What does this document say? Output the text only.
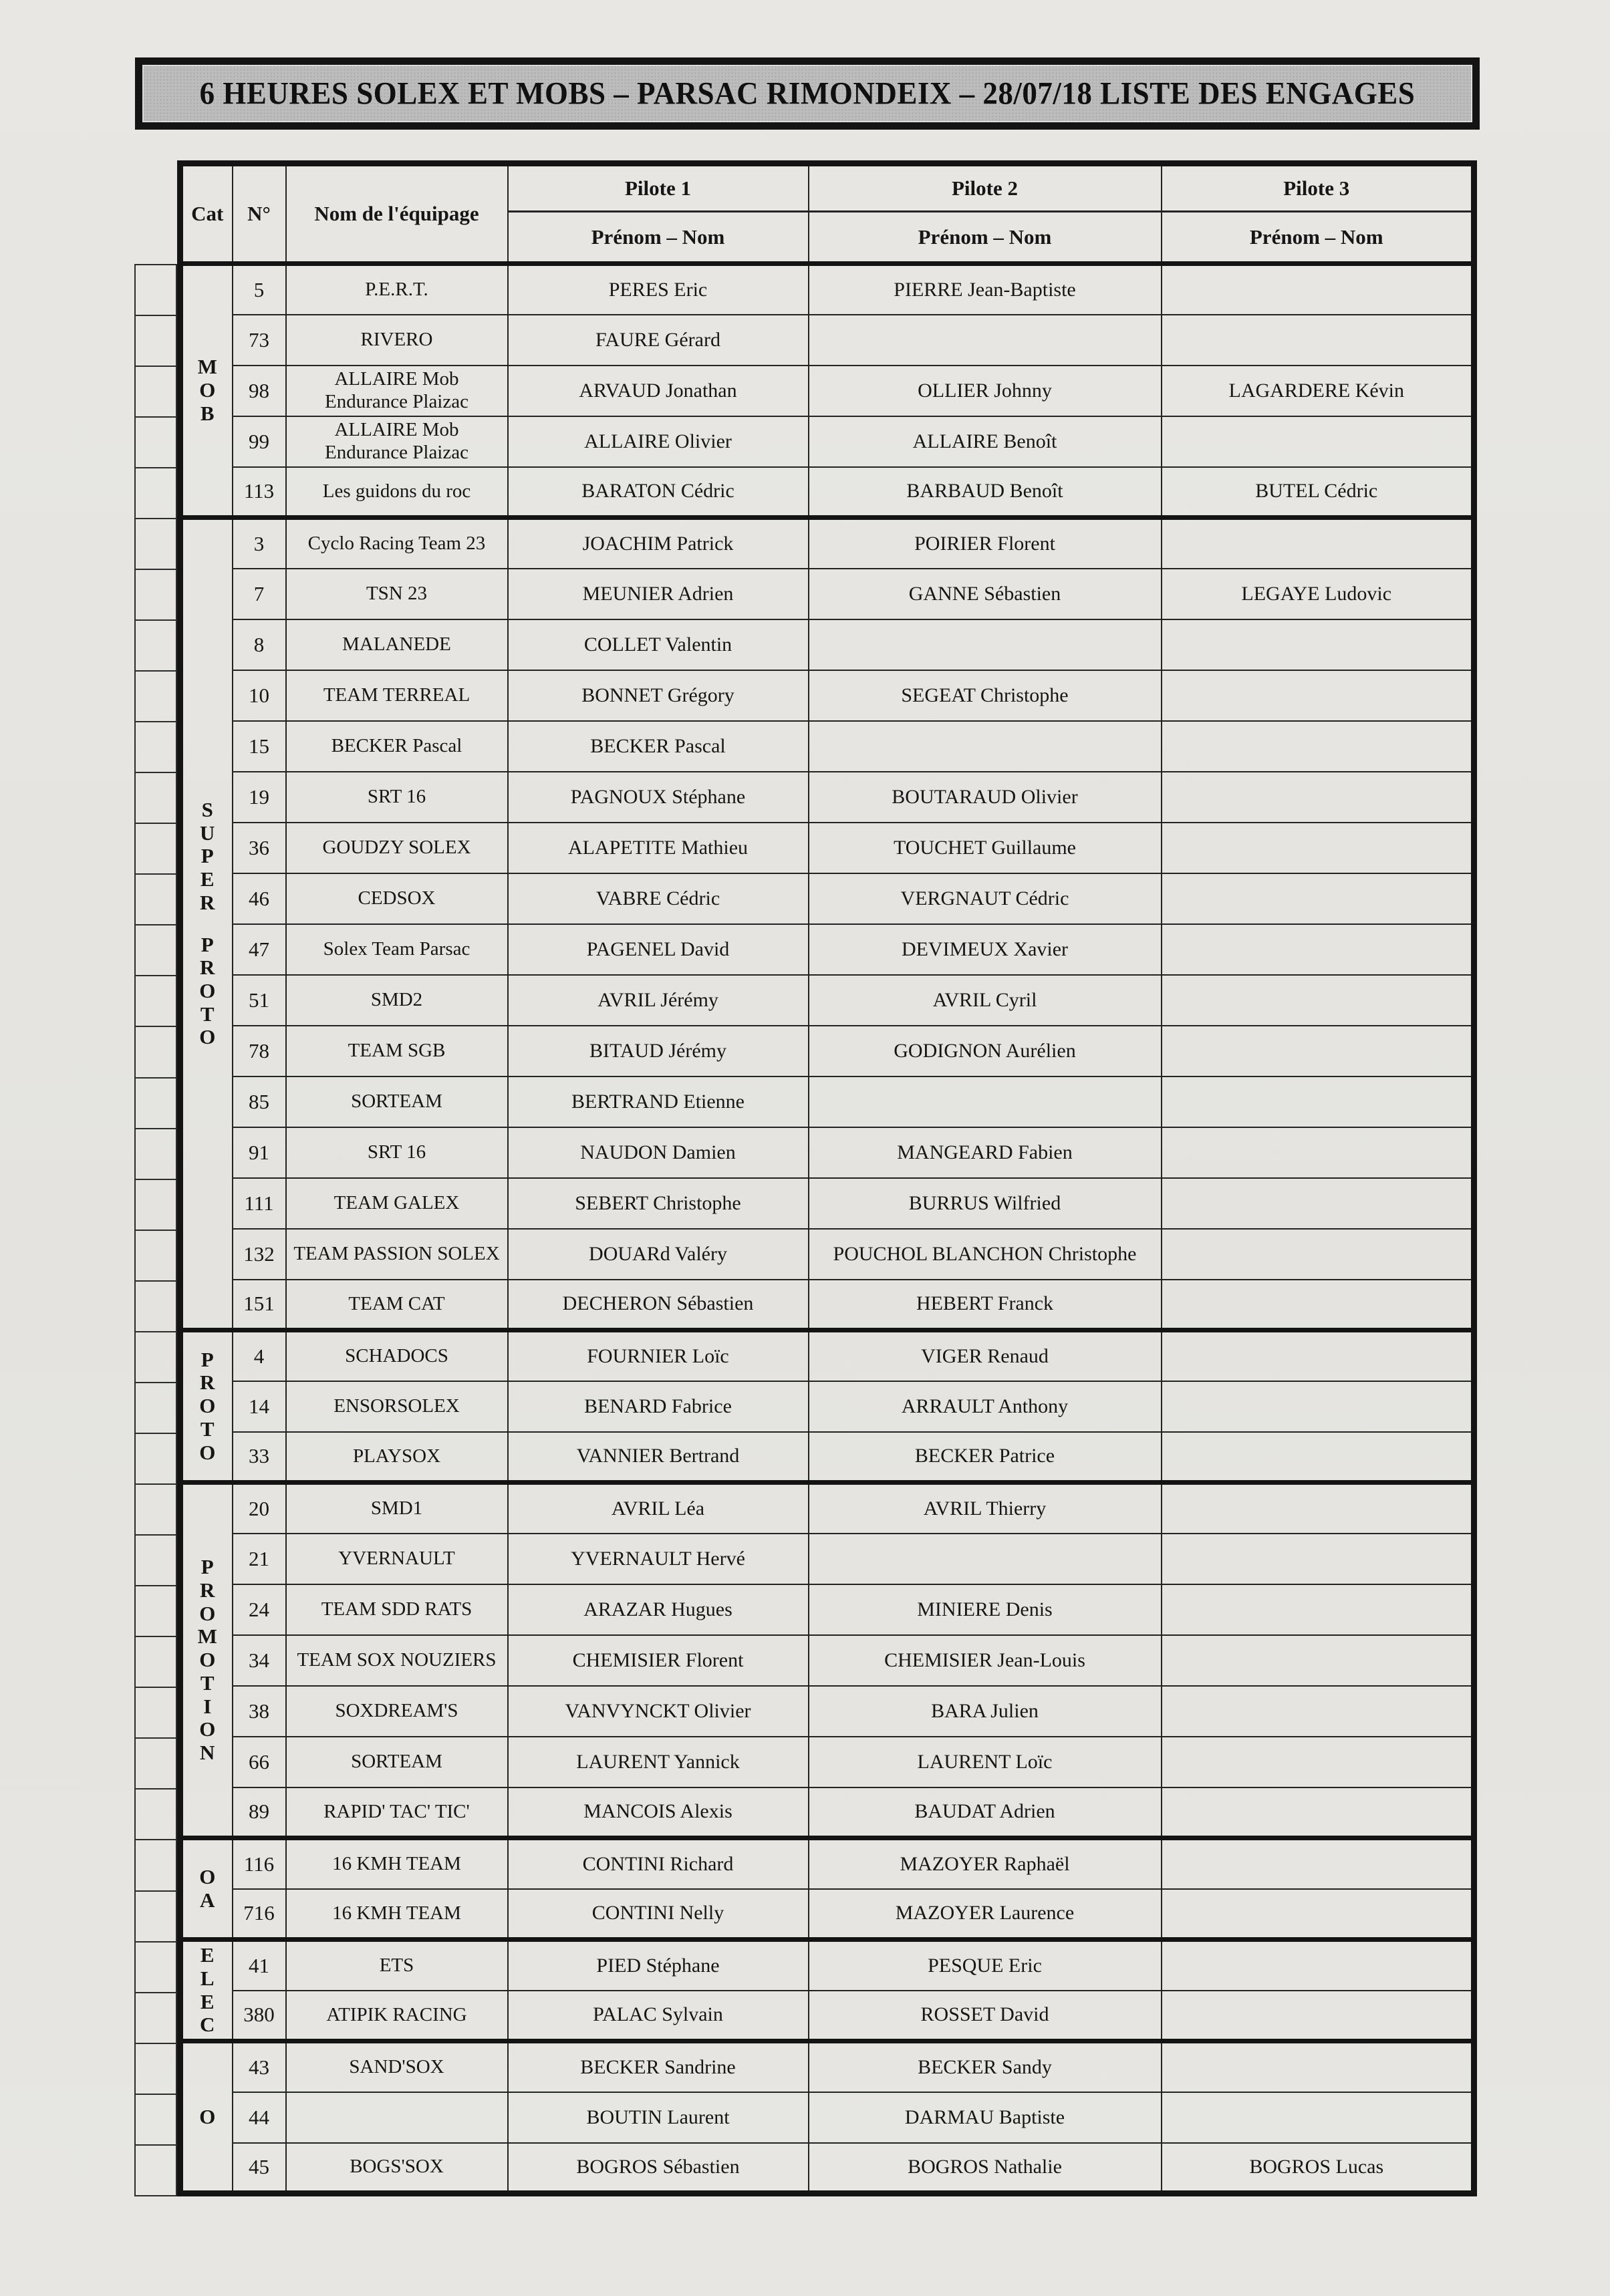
6 HEURES SOLEX ET MOBS – PARSAC RIMONDEIX – 28/07/18 LISTE DES ENGAGES
Cat	N°	Nom de l'équipage	Pilote 1	Pilote 2	Pilote 3
			Prénom – Nom	Prénom – Nom	Prénom – Nom

M
O
B	5	P.E.R.T.	PERES Eric	PIERRE Jean-Baptiste	
	73	RIVERO	FAURE Gérard		
	98	ALLAIRE Mob Endurance Plaizac	ARVAUD Jonathan	OLLIER Johnny	LAGARDERE Kévin
	99	ALLAIRE Mob Endurance Plaizac	ALLAIRE Olivier	ALLAIRE Benoît	
	113	Les guidons du roc	BARATON Cédric	BARBAUD Benoît	BUTEL Cédric

S
U
P
E
R
P
R
O
T
O
	3	Cyclo Racing Team 23	JOACHIM Patrick	POIRIER Florent	
	7	TSN 23	MEUNIER Adrien	GANNE Sébastien	LEGAYE Ludovic
	8	MALANEDE	COLLET Valentin		
	10	TEAM TERREAL	BONNET Grégory	SEGEAT Christophe	
	15	BECKER Pascal	BECKER Pascal		
	19	SRT 16	PAGNOUX Stéphane	BOUTARAUD Olivier	
	36	GOUDZY SOLEX	ALAPETITE Mathieu	TOUCHET Guillaume	
	46	CEDSOX	VABRE Cédric	VERGNAUT Cédric	
	47	Solex Team Parsac	PAGENEL David	DEVIMEUX Xavier	
	51	SMD2	AVRIL Jérémy	AVRIL Cyril	
	78	TEAM SGB	BITAUD Jérémy	GODIGNON Aurélien	
	85	SORTEAM	BERTRAND Etienne		
	91	SRT 16	NAUDON Damien	MANGEARD Fabien	
	111	TEAM GALEX	SEBERT Christophe	BURRUS Wilfried	
	132	TEAM PASSION SOLEX	DOUARd Valéry	POUCHOL BLANCHON Christophe	
	151	TEAM CAT	DECHERON Sébastien	HEBERT Franck	

P
R
O
T
O	4	SCHADOCS	FOURNIER Loïc	VIGER Renaud	
	14	ENSORSOLEX	BENARD Fabrice	ARRAULT Anthony	
	33	PLAYSOX	VANNIER Bertrand	BECKER Patrice	

P
R
O
M
O
T
I
O
N
	20	SMD1	AVRIL Léa	AVRIL Thierry	
	21	YVERNAULT	YVERNAULT Hervé		
	24	TEAM SDD RATS	ARAZAR Hugues	MINIERE Denis	
	34	TEAM SOX NOUZIERS	CHEMISIER Florent	CHEMISIER Jean-Louis	
	38	SOXDREAM'S	VANVYNCKT Olivier	BARA Julien	
	66	SORTEAM	LAURENT Yannick	LAURENT Loïc	
	89	RAPID' TAC' TIC'	MANCOIS Alexis	BAUDAT Adrien	

O
A	116	16 KMH TEAM	CONTINI Richard	MAZOYER Raphaël	
	716	16 KMH TEAM	CONTINI Nelly	MAZOYER Laurence	

E
L
E
C	41	ETS	PIED Stéphane	PESQUE Eric	
	380	ATIPIK RACING	PALAC Sylvain	ROSSET David	

O	43	SAND'SOX	BECKER Sandrine	BECKER Sandy	
	44		BOUTIN Laurent	DARMAU Baptiste	
	45	BOGS'SOX	BOGROS Sébastien	BOGROS Nathalie	BOGROS Lucas
